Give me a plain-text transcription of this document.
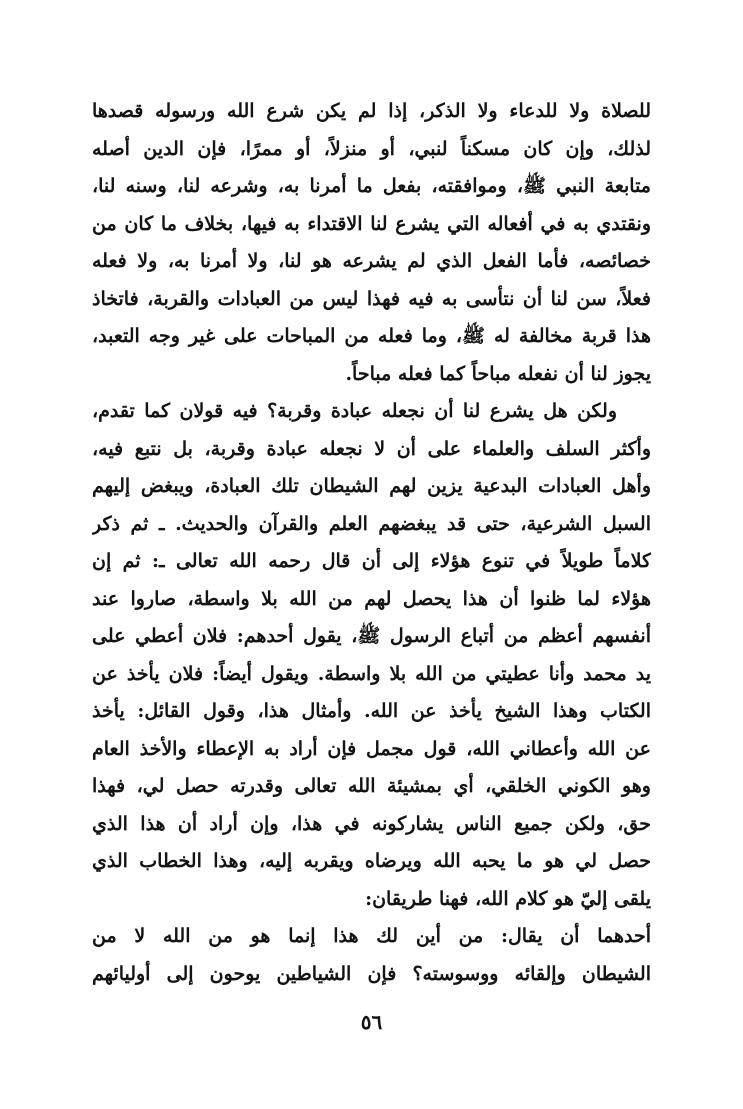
للصلاة ولا للدعاء ولا الذكر، إذا لم يكن شرع الله ورسوله قصدها
لذلك، وإن كان مسكناً لنبي، أو منزلاً، أو ممرًا، فإن الدين أصله
متابعة النبي ﷺ، وموافقته، بفعل ما أمرنا به، وشرعه لنا، وسنه لنا،
ونقتدي به في أفعاله التي يشرع لنا الاقتداء به فيها، بخلاف ما كان من
خصائصه، فأما الفعل الذي لم يشرعه هو لنا، ولا أمرنا به، ولا فعله
فعلاً، سن لنا أن نتأسى به فيه فهذا ليس من العبادات والقربة، فاتخاذ
هذا قربة مخالفة له ﷺ، وما فعله من المباحات على غير وجه التعبد،
يجوز لنا أن نفعله مباحاً كما فعله مباحاً.
ولكن هل يشرع لنا أن نجعله عبادة وقربة؟ فيه قولان كما تقدم،
وأكثر السلف والعلماء على أن لا نجعله عبادة وقربة، بل نتبع فيه،
وأهل العبادات البدعية يزين لهم الشيطان تلك العبادة، ويبغض إليهم
السبل الشرعية، حتى قد يبغضهم العلم والقرآن والحديث. ـ ثم ذكر
كلاماً طويلاً في تنوع هؤلاء إلى أن قال رحمه الله تعالى ـ: ثم إن
هؤلاء لما ظنوا أن هذا يحصل لهم من الله بلا واسطة، صاروا عند
أنفسهم أعظم من أتباع الرسول ﷺ، يقول أحدهم: فلان أعطي على
يد محمد وأنا عطيتي من الله بلا واسطة. ويقول أيضاً: فلان يأخذ عن
الكتاب وهذا الشيخ يأخذ عن الله. وأمثال هذا، وقول القائل: يأخذ
عن الله وأعطاني الله، قول مجمل فإن أراد به الإعطاء والأخذ العام
وهو الكوني الخلقي، أي بمشيئة الله تعالى وقدرته حصل لي، فهذا
حق، ولكن جميع الناس يشاركونه في هذا، وإن أراد أن هذا الذي
حصل لي هو ما يحبه الله ويرضاه ويقربه إليه، وهذا الخطاب الذي
يلقى إليّ هو كلام الله، فهنا طريقان:
أحدهما أن يقال: من أين لك هذا إنما هو من الله لا من
الشيطان وإلقائه ووسوسته؟ فإن الشياطين يوحون إلى أوليائهم
٥٦
